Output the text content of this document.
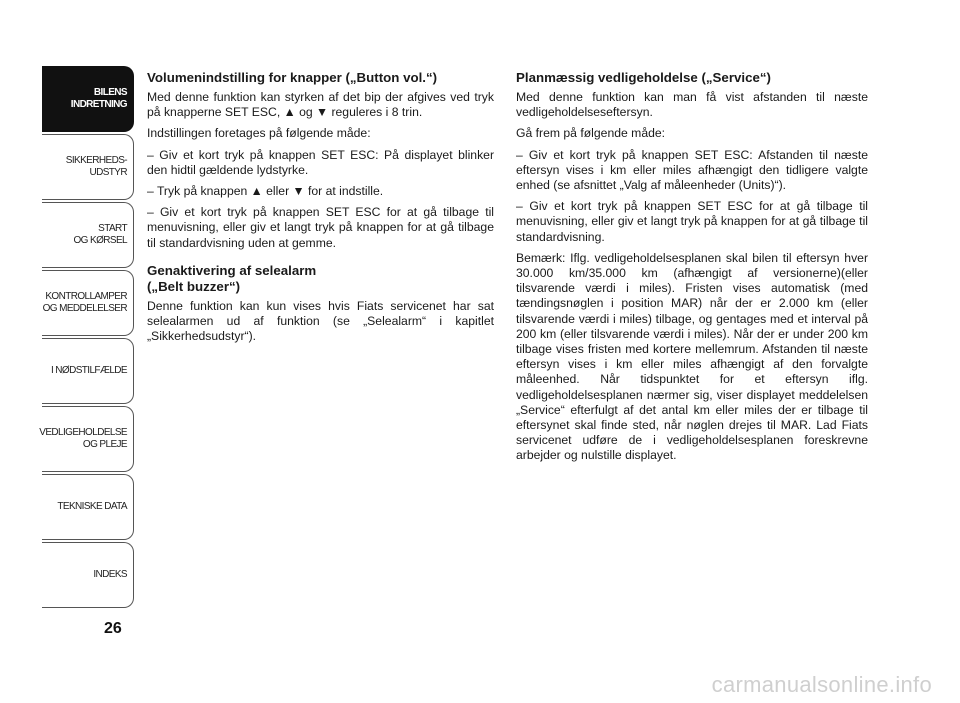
BILENS
INDRETNING
SIKKERHEDS-
UDSTYR
START
OG KØRSEL
KONTROLLAMPER
OG MEDDELELSER
I NØDSTILFÆLDE
VEDLIGEHOLDELSE
OG PLEJE
TEKNISKE DATA
INDEKS
26
Volumenindstilling for knapper („Button vol.“)

Med denne funktion kan styrken af det bip der afgives ved tryk på knapperne SET ESC, ▲ og ▼ reguleres i 8 trin.

Indstillingen foretages på følgende måde:

– Giv et kort tryk på knappen SET ESC: På displayet blinker den hidtil gældende lydstyrke.

– Tryk på knappen ▲ eller ▼ for at indstille.

– Giv et kort tryk på knappen SET ESC for at gå tilbage til menuvisning, eller giv et langt tryk på knappen for at gå tilbage til standardvisning uden at gemme.

Genaktivering af selealarm
(„Belt buzzer“)

Denne funktion kan kun vises hvis Fiats servicenet har sat selealarmen ud af funktion (se „Selealarm“ i kapitlet „Sikkerhedsudstyr“).

Planmæssig vedligeholdelse („Service“)

Med denne funktion kan man få vist afstanden til næste vedligeholdelseseftersyn.

Gå frem på følgende måde:

– Giv et kort tryk på knappen SET ESC: Afstanden til næste eftersyn vises i km eller miles afhængigt den tidligere valgte enhed (se afsnittet „Valg af måleenheder (Units)“).

– Giv et kort tryk på knappen SET ESC for at gå tilbage til menuvisning, eller giv et langt tryk på knappen for at gå tilbage til standardvisning.

Bemærk: Iflg. vedligeholdelsesplanen skal bilen til eftersyn hver 30.000 km/35.000 km (afhængigt af versionerne)(eller tilsvarende værdi i miles). Fristen vises automatisk (med tændingsnøglen i position MAR) når der er 2.000 km (eller tilsvarende værdi i miles) tilbage, og gentages med et interval på 200 km (eller tilsvarende værdi i miles). Når der er under 200 km tilbage vises fristen med kortere mellemrum. Afstanden til næste eftersyn vises i km eller miles afhængigt af den forvalgte måleenhed. Når tidspunktet for et eftersyn iflg. vedligeholdelsesplanen nærmer sig, viser displayet meddelelsen „Service“ efterfulgt af det antal km eller miles der er tilbage til eftersynet skal finde sted, når nøglen drejes til MAR. Lad Fiats servicenet udføre de i vedligeholdelsesplanen foreskrevne arbejder og nulstille displayet.

carmanualsonline.info
